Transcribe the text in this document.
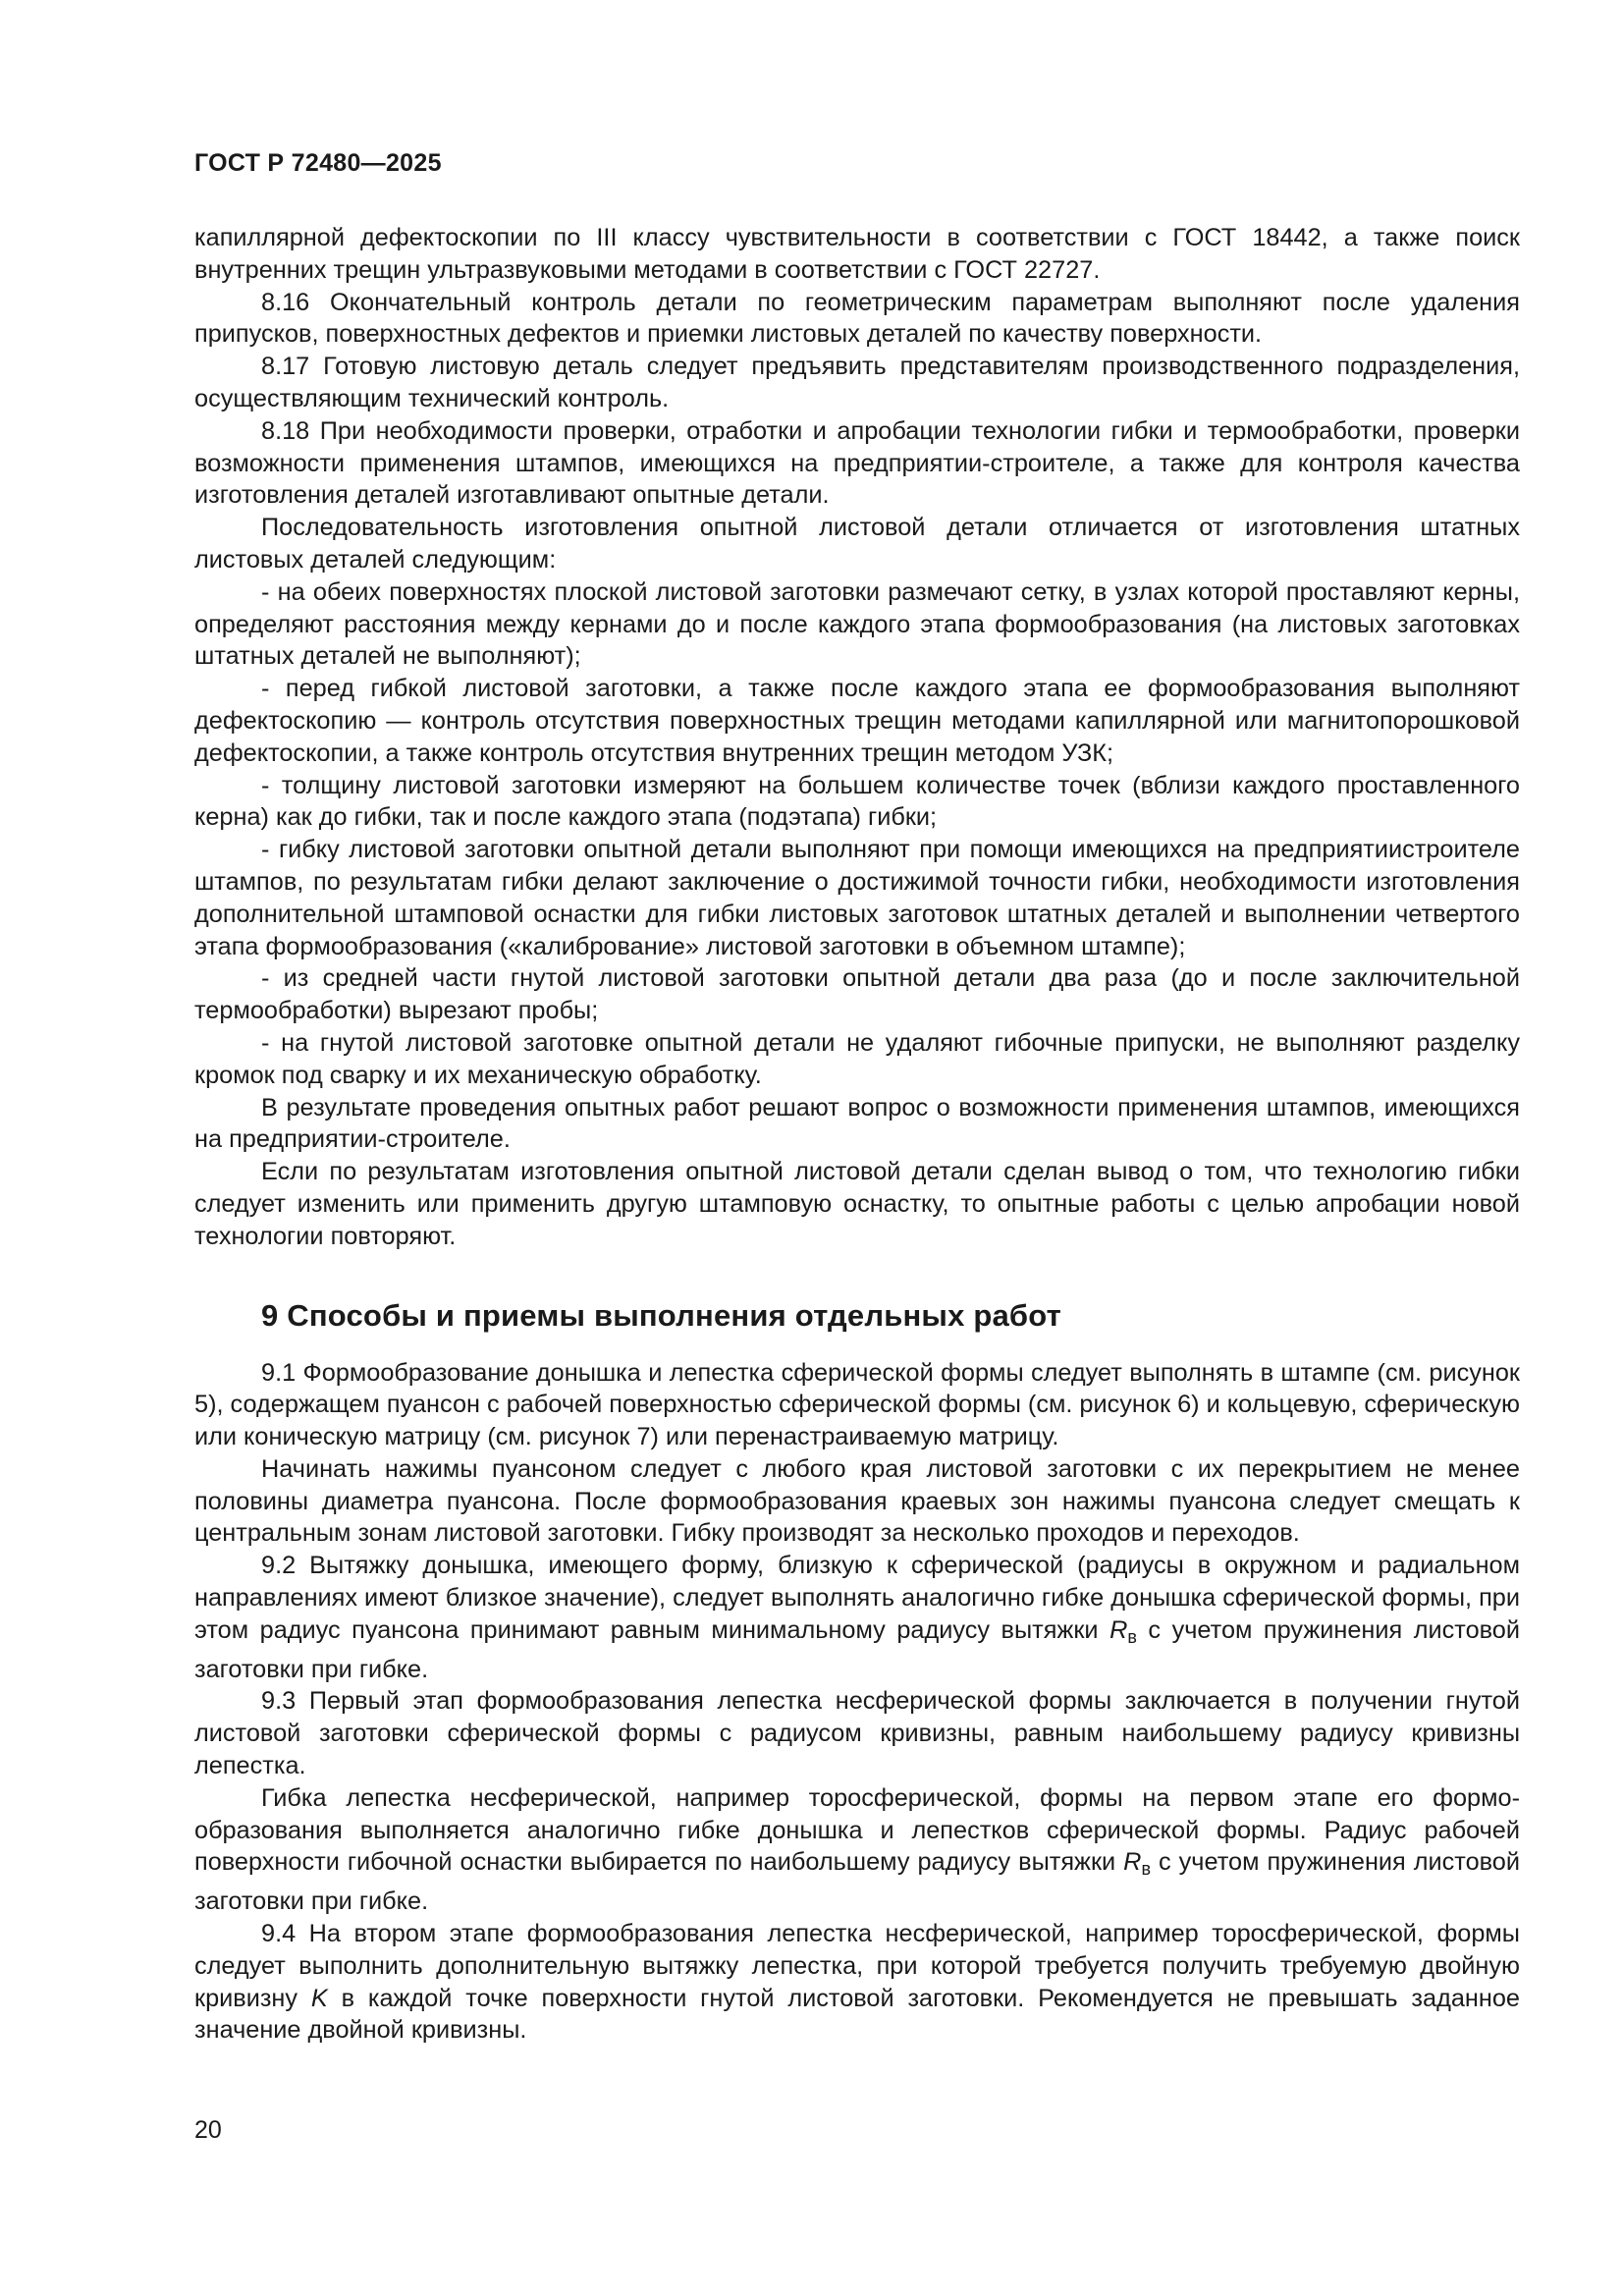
ГОСТ Р 72480—2025

капиллярной дефектоскопии по III классу чувствительности в соответствии с ГОСТ 18442, а также поиск внутренних трещин ультразвуковыми методами в соответствии с ГОСТ 22727.

8.16 Окончательный контроль детали по геометрическим параметрам выполняют после удаления припусков, поверхностных дефектов и приемки листовых деталей по качеству поверхности.

8.17 Готовую листовую деталь следует предъявить представителям производственного подразделения, осуществляющим технический контроль.

8.18 При необходимости проверки, отработки и апробации технологии гибки и термообработки, проверки возможности применения штампов, имеющихся на предприятии-строителе, а также для контроля качества изготовления деталей изготавливают опытные детали.

Последовательность изготовления опытной листовой детали отличается от изготовления штатных листовых деталей следующим:

- на обеих поверхностях плоской листовой заготовки размечают сетку, в узлах которой проставляют керны, определяют расстояния между кернами до и после каждого этапа формообразования (на листовых заготовках штатных деталей не выполняют);

- перед гибкой листовой заготовки, а также после каждого этапа ее формообразования выполняют дефектоскопию — контроль отсутствия поверхностных трещин методами капиллярной или магнитопорошковой дефектоскопии, а также контроль отсутствия внутренних трещин методом УЗК;

- толщину листовой заготовки измеряют на большем количестве точек (вблизи каждого проставленного керна) как до гибки, так и после каждого этапа (подэтапа) гибки;

- гибку листовой заготовки опытной детали выполняют при помощи имеющихся на предприятиистроителе штампов, по результатам гибки делают заключение о достижимой точности гибки, необходимости изготовления дополнительной штамповой оснастки для гибки листовых заготовок штатных деталей и выполнении четвертого этапа формообразования («калибрование» листовой заготовки в объемном штампе);

- из средней части гнутой листовой заготовки опытной детали два раза (до и после заключительной термообработки) вырезают пробы;

- на гнутой листовой заготовке опытной детали не удаляют гибочные припуски, не выполняют разделку кромок под сварку и их механическую обработку.

В результате проведения опытных работ решают вопрос о возможности применения штампов, имеющихся на предприятии-строителе.

Если по результатам изготовления опытной листовой детали сделан вывод о том, что технологию гибки следует изменить или применить другую штамповую оснастку, то опытные работы с целью апробации новой технологии повторяют.

9 Способы и приемы выполнения отдельных работ

9.1 Формообразование донышка и лепестка сферической формы следует выполнять в штампе (см. рисунок 5), содержащем пуансон с рабочей поверхностью сферической формы (см. рисунок 6) и кольцевую, сферическую или коническую матрицу (см. рисунок 7) или перенастраиваемую матрицу.

Начинать нажимы пуансоном следует с любого края листовой заготовки с их перекрытием не менее половины диаметра пуансона. После формообразования краевых зон нажимы пуансона следует смещать к центральным зонам листовой заготовки. Гибку производят за несколько проходов и переходов.

9.2 Вытяжку донышка, имеющего форму, близкую к сферической (радиусы в окружном и радиальном направлениях имеют близкое значение), следует выполнять аналогично гибке донышка сферической формы, при этом радиус пуансона принимают равным минимальному радиусу вытяжки $R_в$ с учетом пружинения листовой заготовки при гибке.

9.3 Первый этап формообразования лепестка несферической формы заключается в получении гнутой листовой заготовки сферической формы с радиусом кривизны, равным наибольшему радиусу кривизны лепестка.

Гибка лепестка несферической, например торосферической, формы на первом этапе его формообразования выполняется аналогично гибке донышка и лепестков сферической формы. Радиус рабочей поверхности гибочной оснастки выбирается по наибольшему радиусу вытяжки $R_в$ с учетом пружинения листовой заготовки при гибке.

9.4 На втором этапе формообразования лепестка несферической, например торосферической, формы следует выполнить дополнительную вытяжку лепестка, при которой требуется получить требуемую двойную кривизну K в каждой точке поверхности гнутой листовой заготовки. Рекомендуется не превышать заданное значение двойной кривизны.

20
